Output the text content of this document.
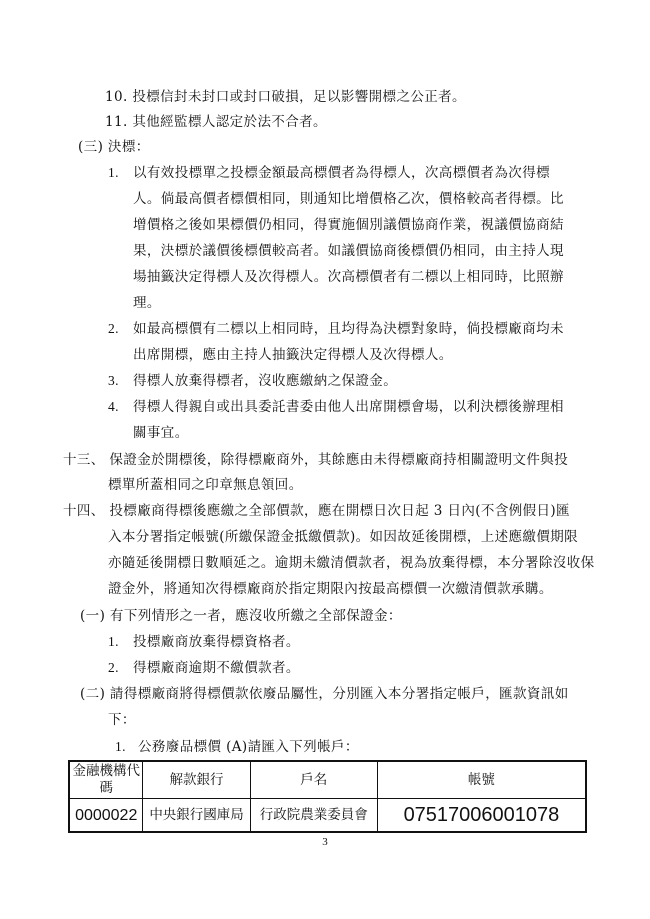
10. 投標信封未封口或封口破損，足以影響開標之公正者。
11. 其他經監標人認定於法不合者。
(三) 決標：
1. 以有效投標單之投標金額最高標價者為得標人，次高標價者為次得標
人。倘最高價者標價相同，則通知比增價格乙次，價格較高者得標。比
增價格之後如果標價仍相同，得實施個別議價協商作業，視議價協商結
果，決標於議價後標價較高者。如議價協商後標價仍相同，由主持人現
場抽籤決定得標人及次得標人。次高標價者有二標以上相同時，比照辦
理。
2. 如最高標價有二標以上相同時，且均得為決標對象時，倘投標廠商均未
出席開標，應由主持人抽籤決定得標人及次得標人。
3. 得標人放棄得標者，沒收應繳納之保證金。
4. 得標人得親自或出具委託書委由他人出席開標會場，以利決標後辦理相
關事宜。
十三、 保證金於開標後，除得標廠商外，其餘應由未得標廠商持相關證明文件與投
標單所蓋相同之印章無息領回。
十四、 投標廠商得標後應繳之全部價款，應在開標日次日起 3 日內(不含例假日)匯
入本分署指定帳號(所繳保證金抵繳價款)。如因故延後開標，上述應繳價期限
亦隨延後開標日數順延之。逾期未繳清價款者，視為放棄得標，本分署除沒收保
證金外，將通知次得標廠商於指定期限內按最高標價一次繳清價款承購。
(一) 有下列情形之一者，應沒收所繳之全部保證金：
1. 投標廠商放棄得標資格者。
2. 得標廠商逾期不繳價款者。
(二) 請得標廠商將得標價款依廢品屬性，分別匯入本分署指定帳戶，匯款資訊如
下：
1. 公務廢品標價 (A)請匯入下列帳戶：
金融機構代碼	解款銀行	戶名	帳號
0000022	中央銀行國庫局	行政院農業委員會	07517006001078
3
